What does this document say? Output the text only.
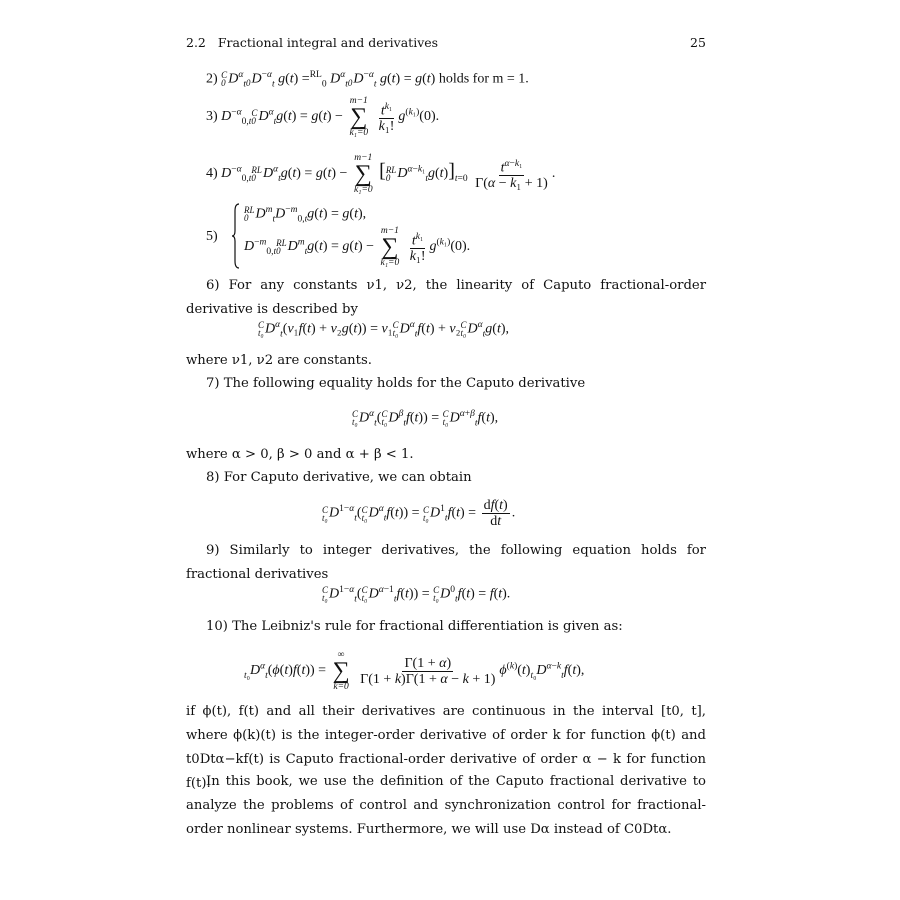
2.2 Fractional integral and derivatives	25
2) C
0 $D^\alpha_t$
0 $D^{-\alpha}_t$ g(t) =$^{RL}_0$ $D^\alpha_t$
0 $D^{-\alpha}_t$ g(t) = g(t) holds for m = 1.
3) $D^{-\alpha}_{0,t}$
C
0 $D^\alpha_tg(t) = g(t)$ −
m−1
∑
k₁=0
$\frac{t^{k_1}}{\text{k₁!}} g^{(k_1)}(0)$.
4) $D^{-\alpha}_{0,t}$
RL
0 $D^\alpha_tg(t) = g(t)$ −
m−1
∑
k₁=0
[ RL
0 $D^{\alpha-k_1}_tg(t)]_{t=0} \frac{t^{\alpha-k_1}}{\text{Γ(α − k₁ + 1)}}$ .
5)
RL
0 $D^m_tD^{-m}_{0,t}g(t) = g(t)$,
$D^{-m}_{0,t}$
RL
0 $D^m_tg(t) = g(t)$ −
m−1
∑
k₁=0
$\frac{t^{k_1}}{\text{k₁!}} g^{(k_1)}(0)$.
6) For any constants ν1, ν2, the linearity of Caputo fractional-order derivative is described by
C
t₀ $D^\alpha_t(\nu_1f(t) + \nu_2g(t)) = \nu_1$ C
t₀ $D^\alpha_tf(t) + \nu_2$ C
t₀ $D^\alpha_tg(t)$,
where ν1, ν2 are constants.
7) The following equality holds for the Caputo derivative
C
t₀ $D^\alpha_t$( C
t₀ $D^\beta_tf(t)) = C$
t₀ $D^{\alpha+\beta}_tf(t)$,
where α > 0, β > 0 and α + β < 1.
8) For Caputo derivative, we can obtain
C
t₀ $D^{1-\alpha}_t$( C
t₀ $D^\alpha_tf(t)) = C$
t₀ $D^1_tf(t) = \frac{df(t)}{dt}$ .
9) Similarly to integer derivatives, the following equation holds for fractional derivatives
C
t₀ $D^{1-\alpha}_t$( C
t₀ $D^{\alpha-1}_tf(t)) = C$
t₀ $D^0_tf(t) = f(t)$.
10) The Leibniz's rule for fractional differentiation is given as:
$_{t_0}D^\alpha_t(\phi(t)f(t))$ =
∞
∑
k=0

$\frac{\Gamma(1 + \alpha)}{\Gamma(1 + k)\Gamma(1 + \alpha - k + 1)} \phi^{(k)}(t)_{t_0}D^{\alpha-k}_tf(t)$,
if ϕ(t), f(t) and all their derivatives are continuous in the interval [t0, t], where ϕ(k)(t) is the integer-order derivative of order k for function ϕ(t) and t0Dtα−kf(t) is Caputo fractional-order derivative of order α − k for function f(t).
In this book, we use the definition of the Caputo fractional derivative to analyze the problems of control and synchronization control for fractional-order nonlinear systems. Furthermore, we will use Dα instead of C0Dtα.
